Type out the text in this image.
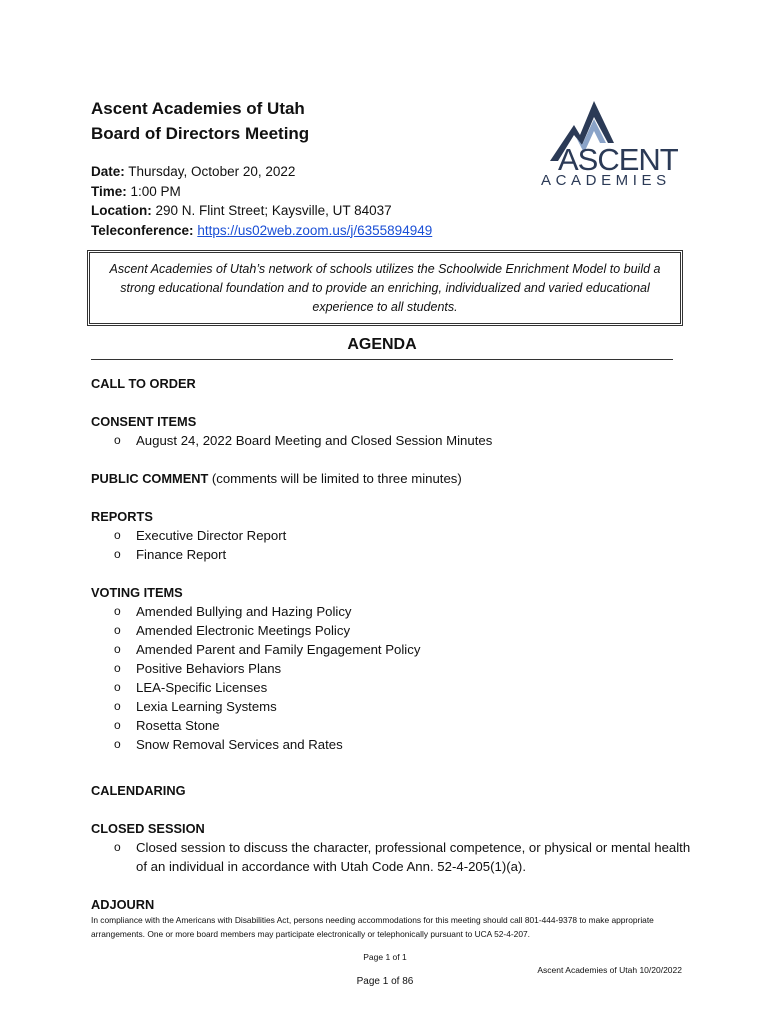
Ascent Academies of Utah
Board of Directors Meeting
Date: Thursday, October 20, 2022
Time: 1:00 PM
Location: 290 N. Flint Street; Kaysville, UT 84037
Teleconference: https://us02web.zoom.us/j/6355894949
ASCENT
ACADEMIES
Ascent Academies of Utah’s network of schools utilizes the Schoolwide Enrichment Model to build a strong educational foundation and to provide an enriching, individualized and varied educational experience to all students.
AGENDA
CALL TO ORDER
CONSENT ITEMS
o August 24, 2022 Board Meeting and Closed Session Minutes
PUBLIC COMMENT (comments will be limited to three minutes)
REPORTS
o Executive Director Report
o Finance Report
VOTING ITEMS
o Amended Bullying and Hazing Policy
o Amended Electronic Meetings Policy
o Amended Parent and Family Engagement Policy
o Positive Behaviors Plans
o LEA-Specific Licenses
o Lexia Learning Systems
o Rosetta Stone
o Snow Removal Services and Rates
CALENDARING
CLOSED SESSION
o Closed session to discuss the character, professional competence, or physical or mental health of an individual in accordance with Utah Code Ann. 52-4-205(1)(a).
ADJOURN
In compliance with the Americans with Disabilities Act, persons needing accommodations for this meeting should call 801-444-9378 to make appropriate arrangements. One or more board members may participate electronically or telephonically pursuant to UCA 52-4-207.
Page 1 of 1
Ascent Academies of Utah 10/20/2022
Page 1 of 86
